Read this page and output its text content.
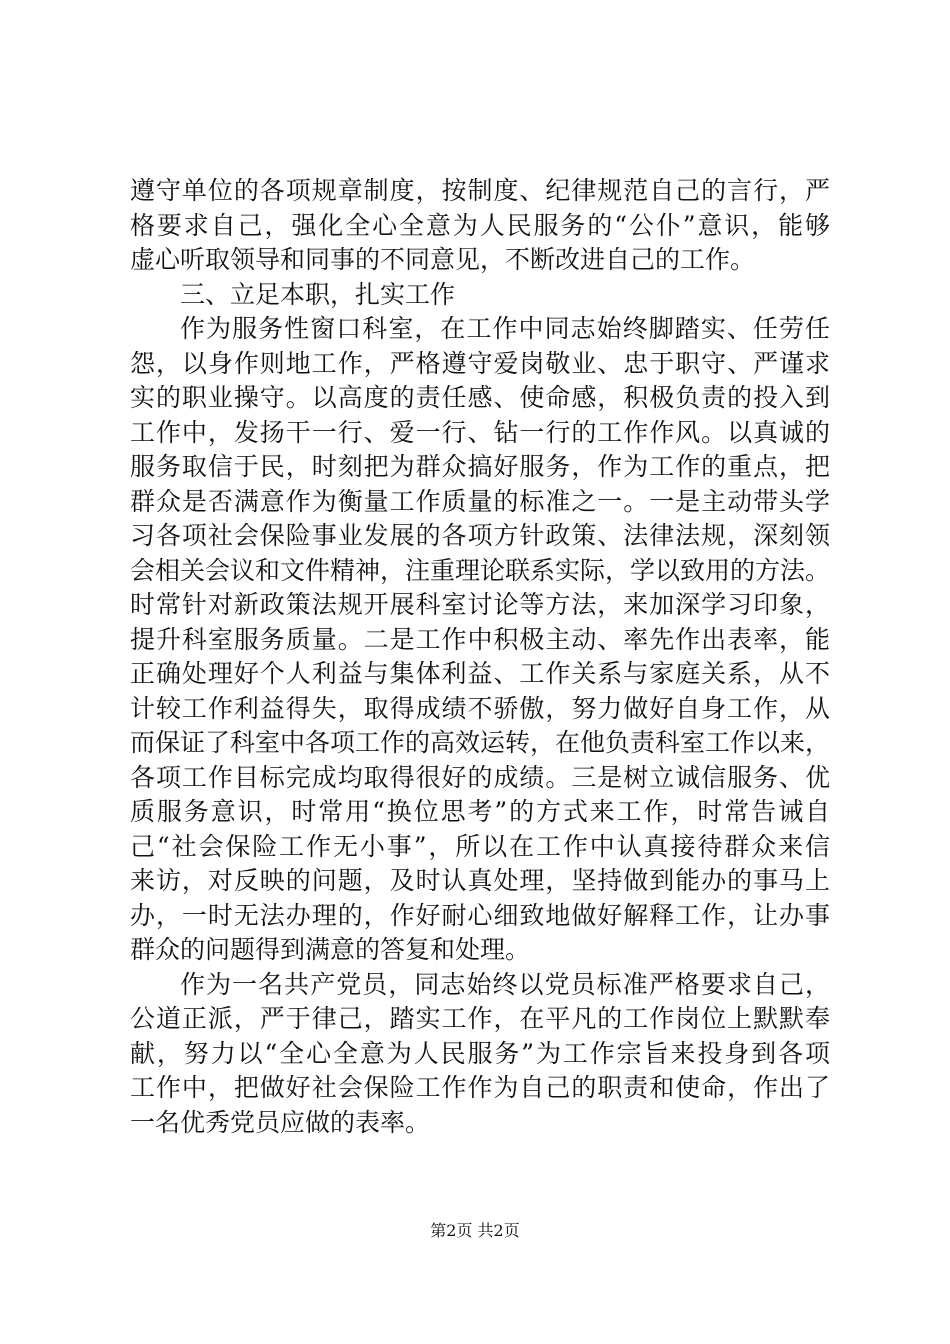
遵守单位的各项规章制度，按制度、纪律规范自己的言行，严
格要求自己，强化全心全意为人民服务的“公仆”意识，能够
虚心听取领导和同事的不同意见，不断改进自己的工作。
三、立足本职，扎实工作
作为服务性窗口科室，在工作中同志始终脚踏实、任劳任
怨，以身作则地工作，严格遵守爱岗敬业、忠于职守、严谨求
实的职业操守。以高度的责任感、使命感，积极负责的投入到
工作中，发扬干一行、爱一行、钻一行的工作作风。以真诚的
服务取信于民，时刻把为群众搞好服务，作为工作的重点，把
群众是否满意作为衡量工作质量的标准之一。一是主动带头学
习各项社会保险事业发展的各项方针政策、法律法规，深刻领
会相关会议和文件精神，注重理论联系实际，学以致用的方法。
时常针对新政策法规开展科室讨论等方法，来加深学习印象，
提升科室服务质量。二是工作中积极主动、率先作出表率，能
正确处理好个人利益与集体利益、工作关系与家庭关系，从不
计较工作利益得失，取得成绩不骄傲，努力做好自身工作，从
而保证了科室中各项工作的高效运转，在他负责科室工作以来，
各项工作目标完成均取得很好的成绩。三是树立诚信服务、优
质服务意识，时常用“换位思考”的方式来工作，时常告诫自
己“社会保险工作无小事”，所以在工作中认真接待群众来信
来访，对反映的问题，及时认真处理，坚持做到能办的事马上
办，一时无法办理的，作好耐心细致地做好解释工作，让办事
群众的问题得到满意的答复和处理。
作为一名共产党员，同志始终以党员标准严格要求自己，
公道正派，严于律己，踏实工作，在平凡的工作岗位上默默奉
献，努力以“全心全意为人民服务”为工作宗旨来投身到各项
工作中，把做好社会保险工作作为自己的职责和使命，作出了
一名优秀党员应做的表率。
第2页 共2页
